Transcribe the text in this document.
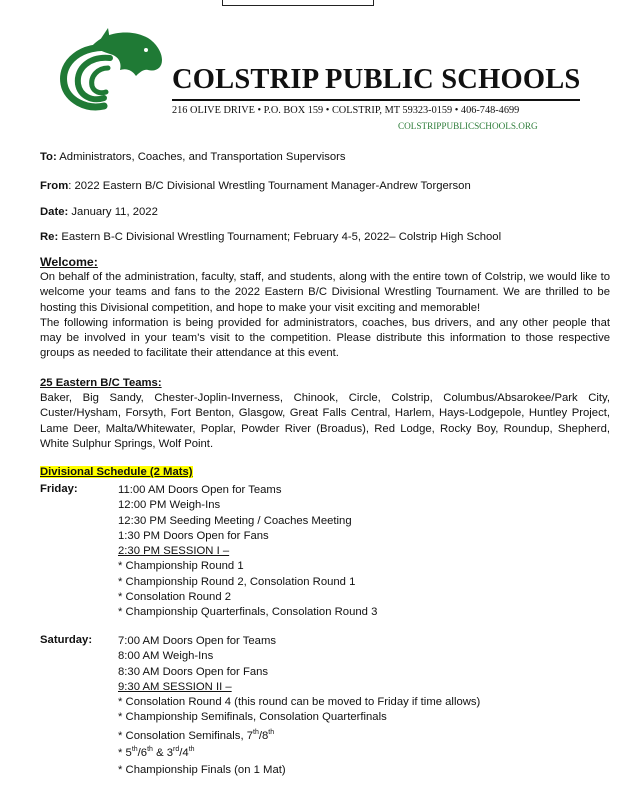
COLSTRIP PUBLIC SCHOOLS
216 OLIVE DRIVE • P.O. BOX 159 • COLSTRIP, MT 59323-0159 • 406-748-4699
COLSTRIPPUBLICSCHOOLS.ORG
To: Administrators, Coaches, and Transportation Supervisors
From: 2022 Eastern B/C Divisional Wrestling Tournament Manager-Andrew Torgerson
Date: January 11, 2022
Re: Eastern B-C Divisional Wrestling Tournament; February 4-5, 2022– Colstrip High School
Welcome:
On behalf of the administration, faculty, staff, and students, along with the entire town of Colstrip, we would like to welcome your teams and fans to the 2022 Eastern B/C Divisional Wrestling Tournament. We are thrilled to be hosting this Divisional competition, and hope to make your visit exciting and memorable!
The following information is being provided for administrators, coaches, bus drivers, and any other people that may be involved in your team's visit to the competition. Please distribute this information to those respective groups as needed to facilitate their attendance at this event.
25 Eastern B/C Teams:
Baker, Big Sandy, Chester-Joplin-Inverness, Chinook, Circle, Colstrip, Columbus/Absarokee/Park City, Custer/Hysham, Forsyth, Fort Benton, Glasgow, Great Falls Central, Harlem, Hays-Lodgepole, Huntley Project, Lame Deer, Malta/Whitewater, Poplar, Powder River (Broadus), Red Lodge, Rocky Boy, Roundup, Shepherd, White Sulphur Springs, Wolf Point.
Divisional Schedule (2 Mats)
Friday:	11:00 AM Doors Open for Teams
12:00 PM Weigh-Ins
12:30 PM Seeding Meeting / Coaches Meeting
1:30 PM Doors Open for Fans
2:30 PM SESSION I –
* Championship Round 1
* Championship Round 2, Consolation Round 1
* Consolation Round 2
* Championship Quarterfinals, Consolation Round 3
Saturday: 7:00 AM Doors Open for Teams
8:00 AM Weigh-Ins
8:30 AM Doors Open for Fans
9:30 AM SESSION II –
* Consolation Round 4 (this round can be moved to Friday if time allows)
* Championship Semifinals, Consolation Quarterfinals
* Consolation Semifinals, 7th/8th
* 5th/6th & 3rd/4th
* Championship Finals (on 1 Mat)
